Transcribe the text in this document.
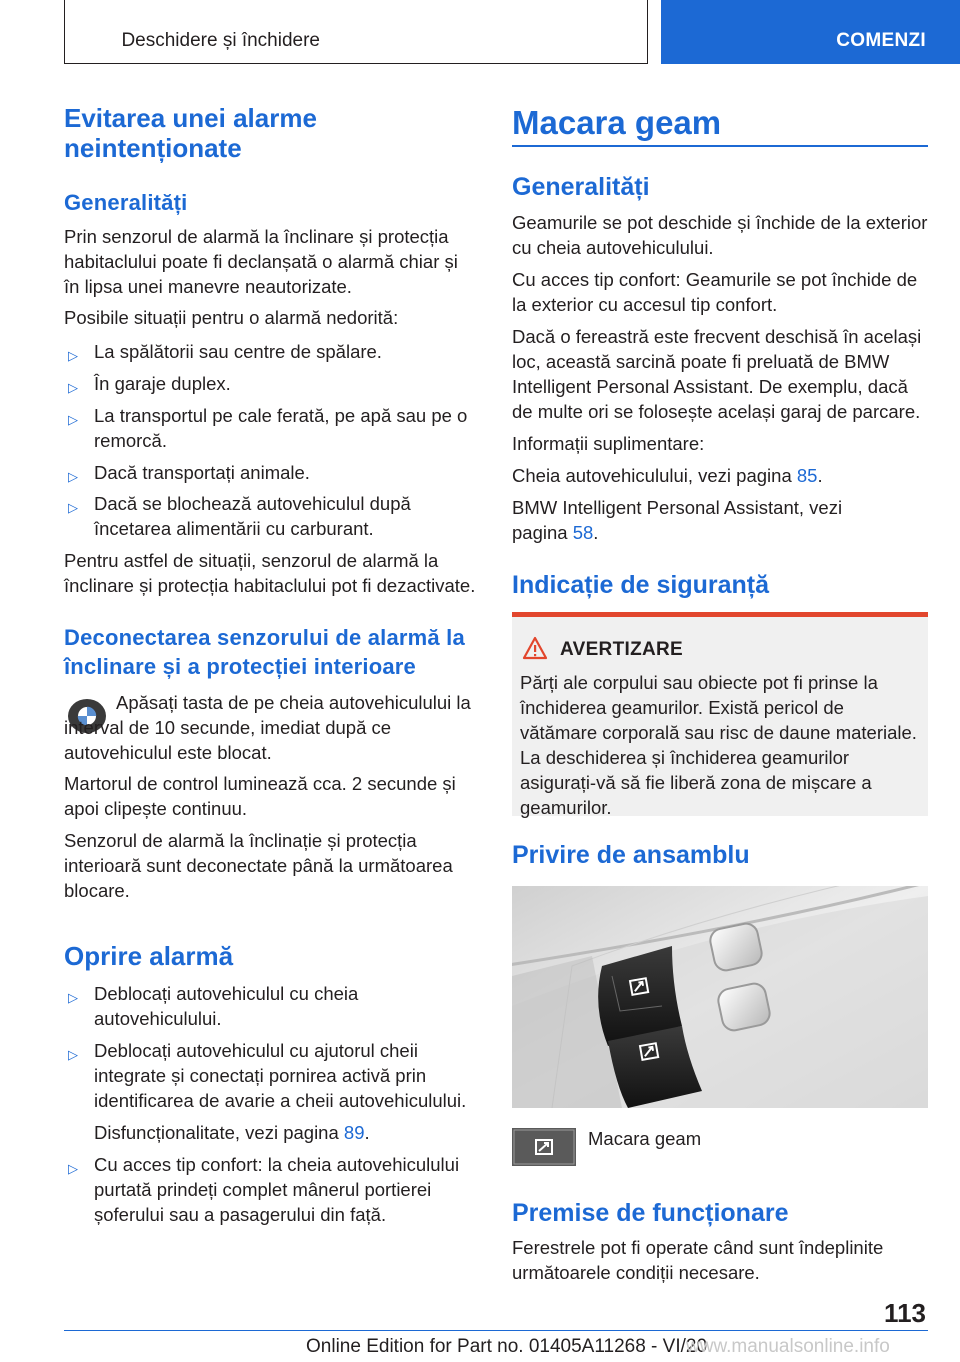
Deschidere și închidere	COMENZI
Evitarea unei alarme neintenționate
Generalități

Prin senzorul de alarmă la înclinare și protecția habitaclului poate fi declanșată o alarmă chiar și în lipsa unei manevre neautorizate.

Posibile situații pentru o alarmă nedorită:

▷ La spălătorii sau centre de spălare.
▷ În garaje duplex.
▷ La transportul pe cale ferată, pe apă sau pe o remorcă.
▷ Dacă transportați animale.
▷ Dacă se blochează autovehiculul după încetarea alimentării cu carburant.

Pentru astfel de situații, senzorul de alarmă la înclinare și protecția habitaclului pot fi dezactivate.

Deconectarea senzorului de alarmă la înclinare și a protecției interioare

Apăsați tasta de pe cheia autovehiculului la interval de 10 secunde, imediat după ce autovehiculul este blocat.

Martorul de control luminează cca. 2 secunde și apoi clipește continuu.

Senzorul de alarmă la înclinație și protecția interioară sunt deconectate până la următoarea blocare.

Oprire alarmă
▷ Deblocați autovehiculul cu cheia autovehiculului.
▷ Deblocați autovehiculul cu ajutorul cheii integrate și conectați pornirea activă prin identificarea de avarie a cheii autovehiculului.

Disfuncționalitate, vezi pagina 89.

▷ Cu acces tip confort: la cheia autovehiculului purtată prindeți complet mânerul portierei șoferului sau a pasagerului din față.
Macara geam
Generalități

Geamurile se pot deschide și închide de la exterior cu cheia autovehiculului.

Cu acces tip confort: Geamurile se pot închide de la exterior cu accesul tip confort.

Dacă o fereastră este frecvent deschisă în același loc, această sarcină poate fi preluată de BMW Intelligent Personal Assistant. De exemplu, dacă de multe ori se folosește același garaj de parcare.

Informații suplimentare:

Cheia autovehiculului, vezi pagina 85.

BMW Intelligent Personal Assistant, vezi pagina 58.

Indicație de siguranță
AVERTIZARE
Părți ale corpului sau obiecte pot fi prinse la închiderea geamurilor. Există pericol de vătămare corporală sau risc de daune materiale. La deschiderea și închiderea geamurilor asigurați-vă să fie liberă zona de mișcare a geamurilor.
Privire de ansamblu

Macara geam

Premise de funcționare

Ferestrele pot fi operate când sunt îndeplinite următoarele condiții necesare.

113
Online Edition for Part no. 01405A11268 - VI/20
www.manualsonline.info
